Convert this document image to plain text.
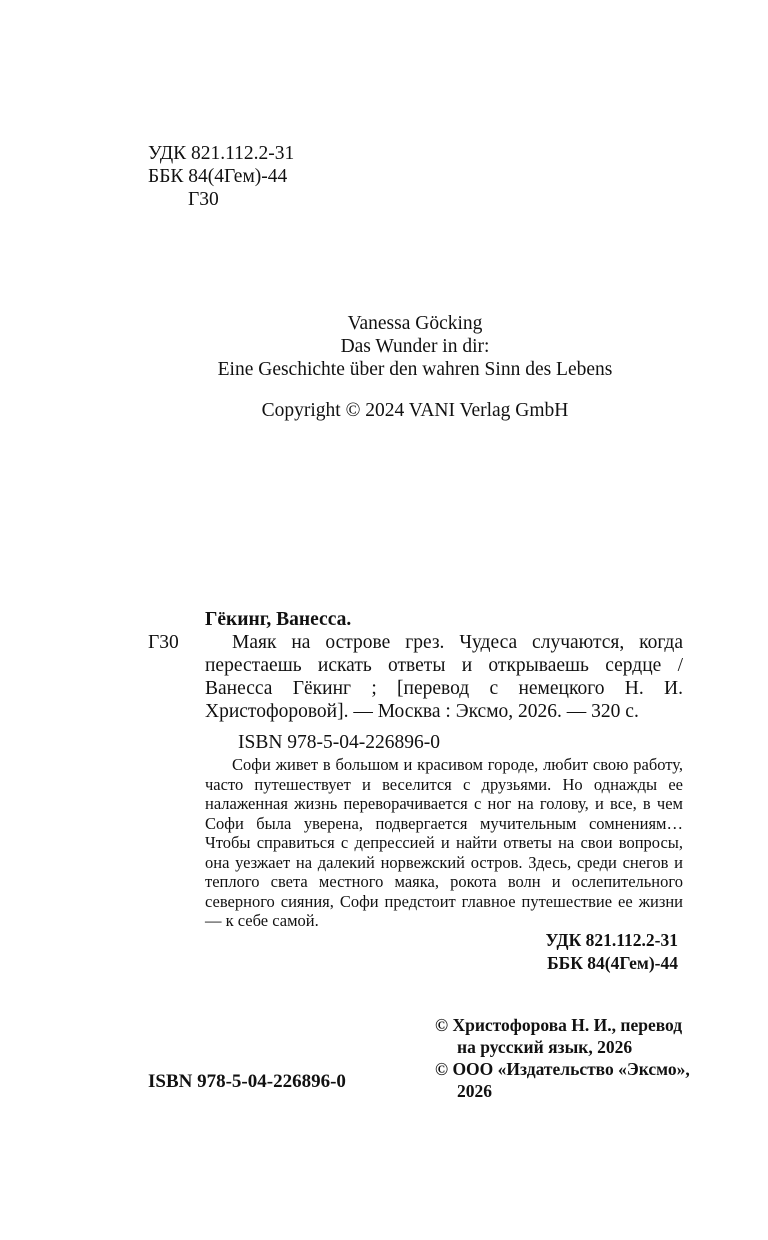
УДК 821.112.2-31
ББК 84(4Гем)-44
Г30
Vanessa Göcking
Das Wunder in dir:
Eine Geschichte über den wahren Sinn des Lebens
Copyright © 2024 VANI Verlag GmbH
Гёкинг, Ванесса.
Г30	Маяк на острове грез. Чудеса случаются, когда перестаешь искать ответы и открываешь сердце / Ванесса Гёкинг ; [перевод с немецкого Н. И. Христофоровой]. — Москва : Эксмо, 2026. — 320 с.
ISBN 978-5-04-226896-0
Софи живет в большом и красивом городе, любит свою работу, часто путешествует и веселится с друзьями. Но однажды ее налаженная жизнь переворачивается с ног на голову, и все, в чем Софи была уверена, подвергается мучительным сомнениям… Чтобы справиться с депрессией и найти ответы на свои вопросы, она уезжает на далекий норвежский остров. Здесь, среди снегов и теплого света местного маяка, рокота волн и ослепительного северного сияния, Софи предстоит главное путешествие ее жизни — к себе самой.
УДК 821.112.2-31
ББК 84(4Гем)-44
© Христофорова Н. И., перевод
на русский язык, 2026
© ООО «Издательство «Эксмо»,
2026
ISBN 978-5-04-226896-0
